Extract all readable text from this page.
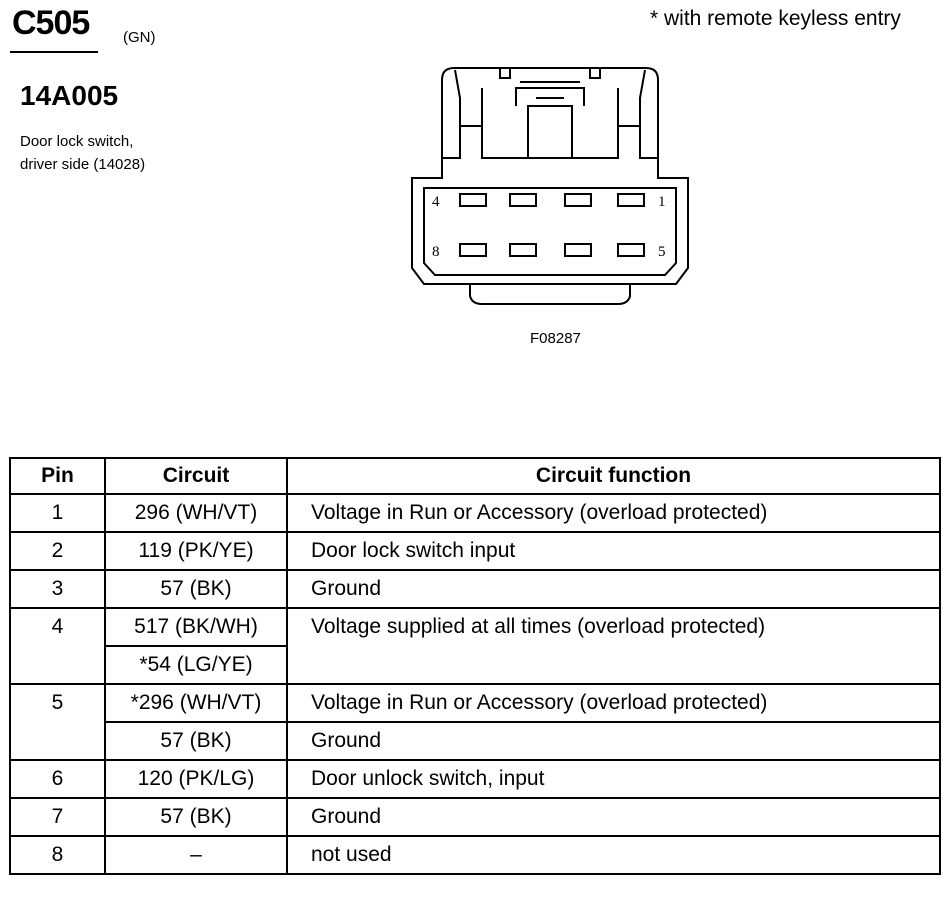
C505 (GN)
* with remote keyless entry
14A005
Door lock switch,
driver side (14028)
4	1
8	5
F08287
Pin	Circuit	Circuit function
1	296 (WH/VT)	Voltage in Run or Accessory (overload protected)
2	119 (PK/YE)	Door lock switch input
3	57 (BK)	Ground
4	517 (BK/WH)	Voltage supplied at all times (overload protected)
	*54 (LG/YE)	
5	*296 (WH/VT)	Voltage in Run or Accessory (overload protected)
	57 (BK)	Ground
6	120 (PK/LG)	Door unlock switch, input
7	57 (BK)	Ground
8	–	not used
